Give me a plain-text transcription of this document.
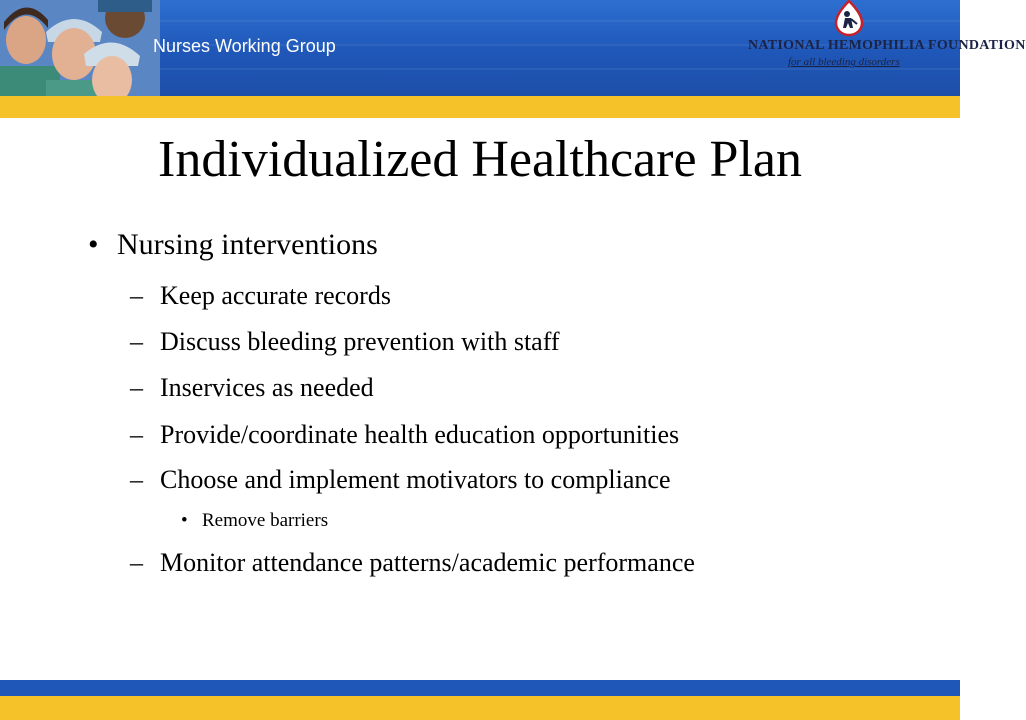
Nurses Working Group	NATIONAL HEMOPHILIA FOUNDATION
for all bleeding disorders
Individualized Healthcare Plan
• Nursing interventions
– Keep accurate records
– Discuss bleeding prevention with staff
– Inservices as needed
– Provide/coordinate health education opportunities
– Choose and implement motivators to compliance
• Remove barriers
– Monitor attendance patterns/academic performance
